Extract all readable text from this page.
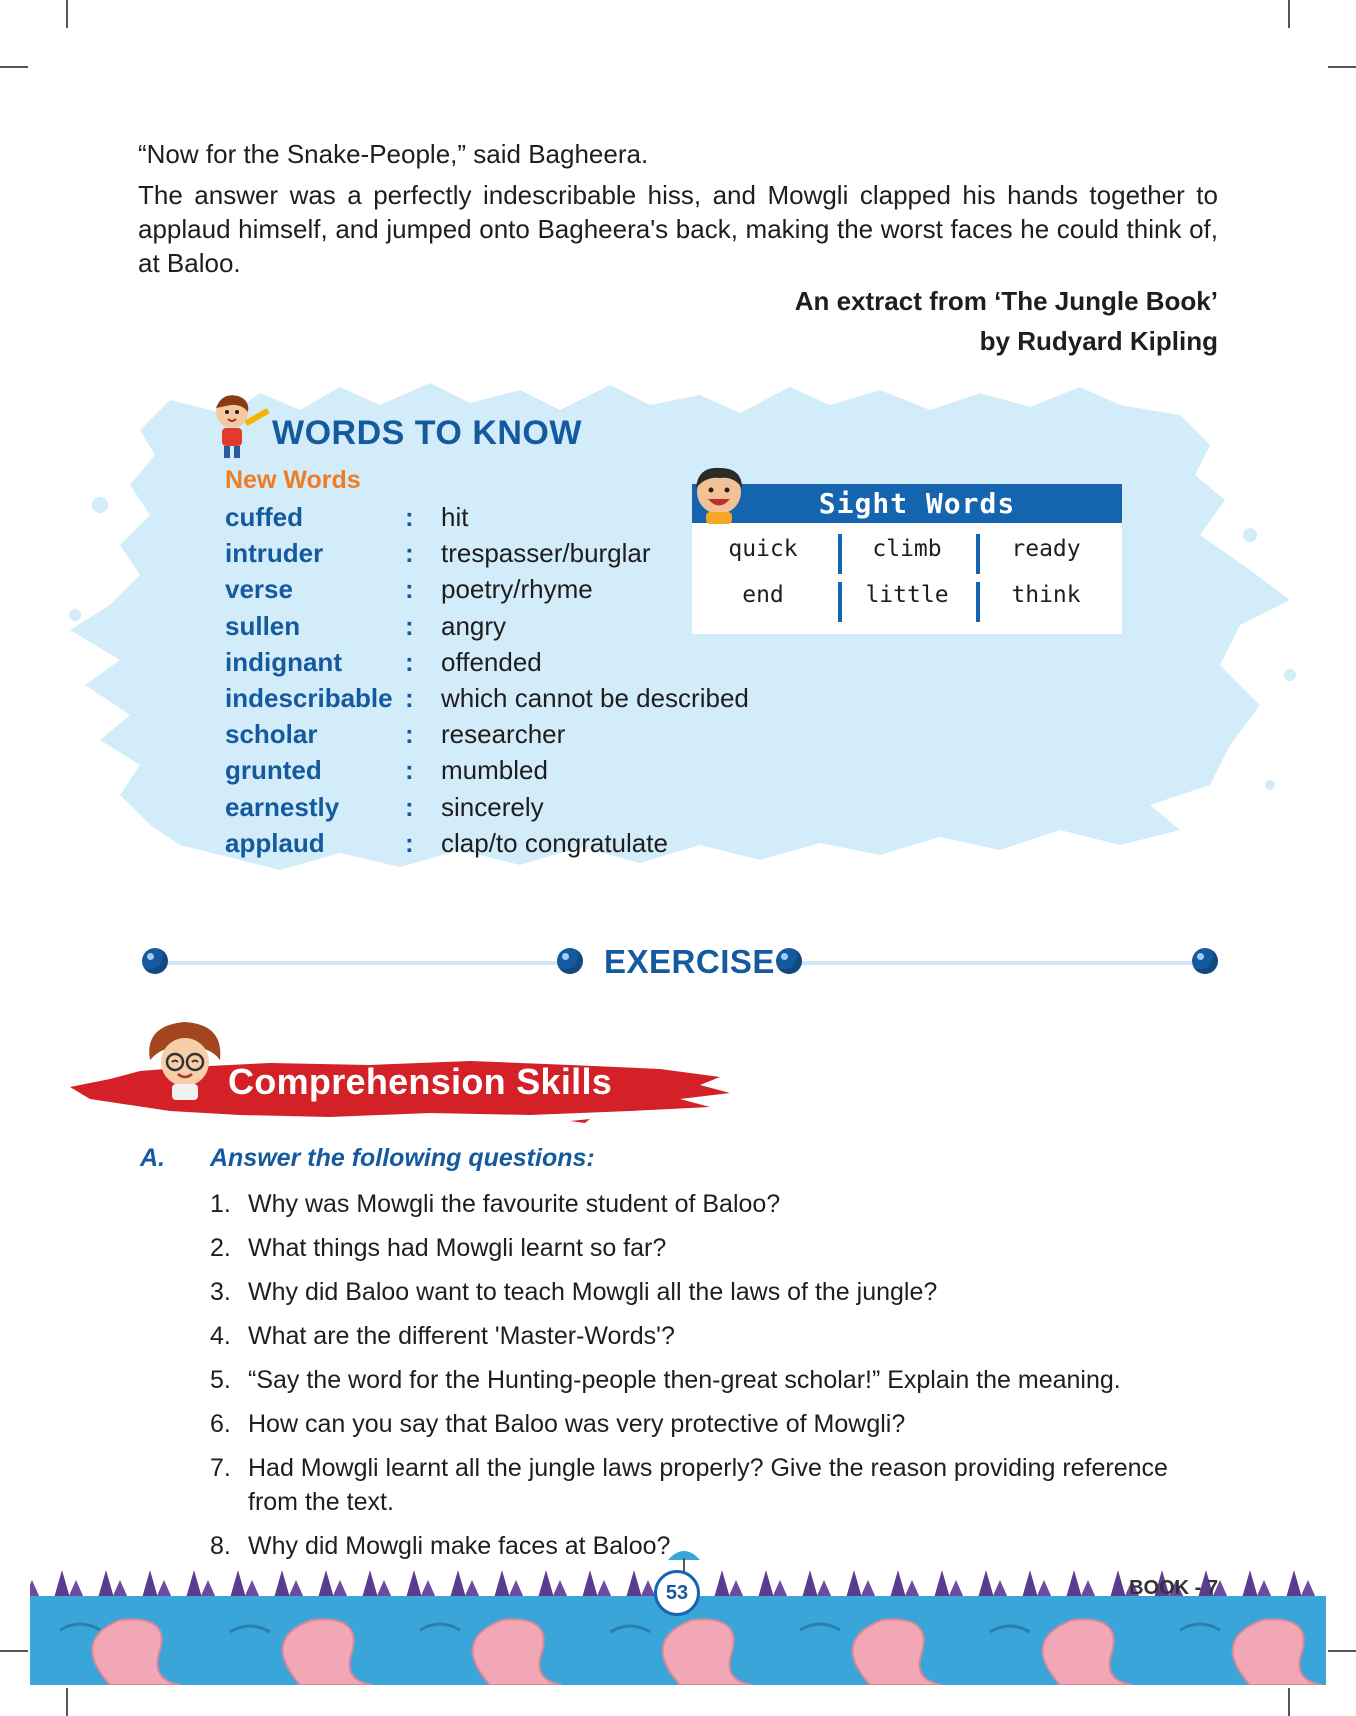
“Now for the Snake-People,” said Bagheera.

The answer was a perfectly indescribable hiss, and Mowgli clapped his hands together to applaud himself, and jumped onto Bagheera's back, making the worst faces he could think of, at Baloo.

An extract from ‘The Jungle Book’
by Rudyard Kipling
WORDS TO KNOW
New Words
cuffed	: hit
intruder	: trespasser/burglar
verse	: poetry/rhyme
sullen	: angry
indignant : offended
indescribable : which cannot be described
scholar	: researcher
grunted	: mumbled
earnestly	: sincerely
applaud	: clap/to congratulate
Sight Words
quick	climb	ready
end	little	think
EXERCISE
Comprehension Skills
A. Answer the following questions:
1. Why was Mowgli the favourite student of Baloo?
2. What things had Mowgli learnt so far?
3. Why did Baloo want to teach Mowgli all the laws of the jungle?
4. What are the different 'Master-Words'?
5. “Say the word for the Hunting-people then-great scholar!” Explain the meaning.
6. How can you say that Baloo was very protective of Mowgli?
7. Had Mowgli learnt all the jungle laws properly? Give the reason providing reference from the text.
8. Why did Mowgli make faces at Baloo?
53	BOOK - 7
